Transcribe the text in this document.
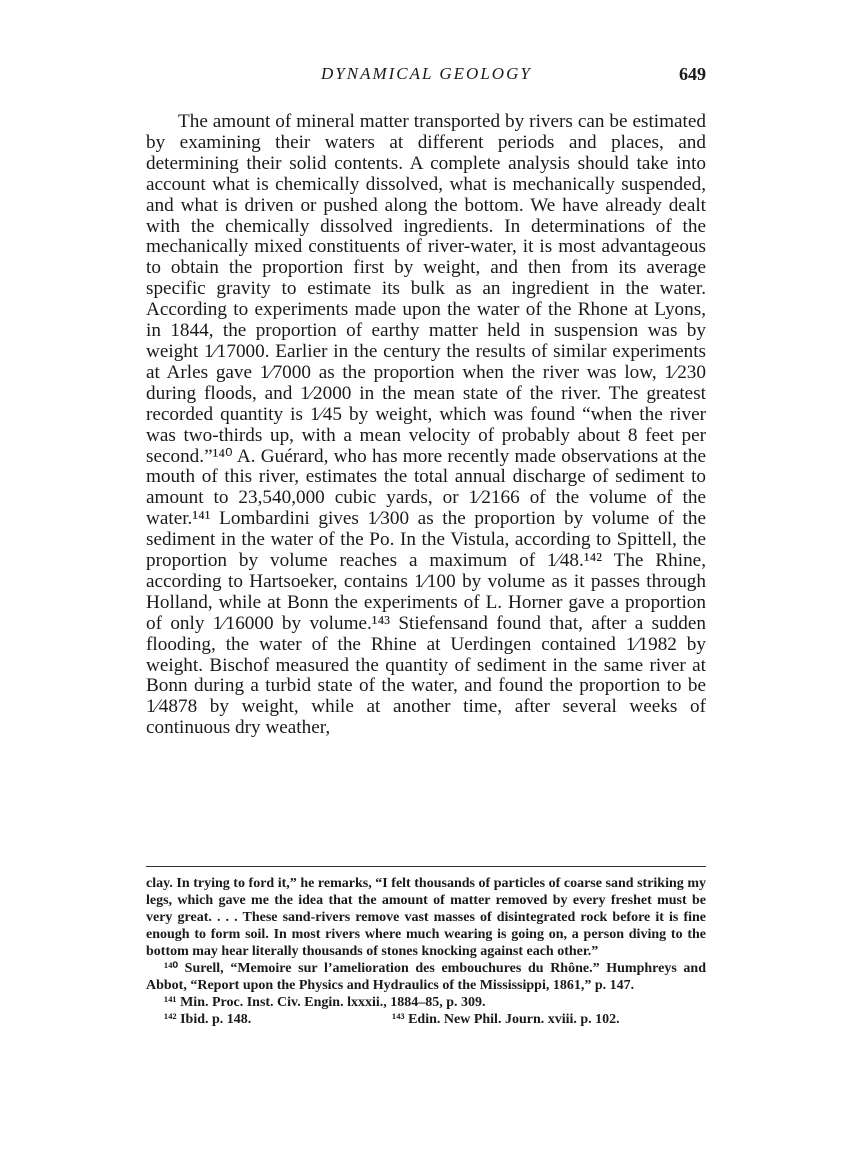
DYNAMICAL GEOLOGY	649

The amount of mineral matter transported by rivers can be estimated by examining their waters at different periods and places, and determining their solid contents. A complete analysis should take into account what is chemically dissolved, what is mechanically suspended, and what is driven or pushed along the bottom. We have already dealt with the chemically dissolved ingredients. In determinations of the mechanically mixed constituents of river-water, it is most advantageous to obtain the proportion first by weight, and then from its average specific gravity to estimate its bulk as an ingredient in the water. According to experiments made upon the water of the Rhone at Lyons, in 1844, the proportion of earthy matter held in suspension was by weight 1⁄17000. Earlier in the century the results of similar experiments at Arles gave 1⁄7000 as the proportion when the river was low, 1⁄230 during floods, and 1⁄2000 in the mean state of the river. The greatest recorded quantity is 1⁄45 by weight, which was found “when the river was two-thirds up, with a mean velocity of probably about 8 feet per second.”¹⁴⁰ A. Guérard, who has more recently made observations at the mouth of this river, estimates the total annual discharge of sediment to amount to 23,540,000 cubic yards, or 1⁄2166 of the volume of the water.¹⁴¹ Lombardini gives 1⁄300 as the proportion by volume of the sediment in the water of the Po. In the Vistula, according to Spittell, the proportion by volume reaches a maximum of 1⁄48.¹⁴² The Rhine, according to Hartsoeker, contains 1⁄100 by volume as it passes through Holland, while at Bonn the experiments of L. Horner gave a proportion of only 1⁄16000 by volume.¹⁴³ Stiefensand found that, after a sudden flooding, the water of the Rhine at Uerdingen contained 1⁄1982 by weight. Bischof measured the quantity of sediment in the same river at Bonn during a turbid state of the water, and found the proportion to be 1⁄4878 by weight, while at another time, after several weeks of continuous dry weather,

clay. In trying to ford it,” he remarks, “I felt thousands of particles of coarse sand striking my legs, which gave me the idea that the amount of matter removed by every freshet must be very great. . . . These sand-rivers remove vast masses of disintegrated rock before it is fine enough to form soil. In most rivers where much wearing is going on, a person diving to the bottom may hear literally thousands of stones knocking against each other.”

¹⁴⁰ Surell, “Memoire sur l’amelioration des embouchures du Rhône.” Humphreys and Abbot, “Report upon the Physics and Hydraulics of the Mississippi, 1861,” p. 147.

¹⁴¹ Min. Proc. Inst. Civ. Engin. lxxxii., 1884–85, p. 309.

¹⁴² Ibid. p. 148.	¹⁴³ Edin. New Phil. Journ. xviii. p. 102.
